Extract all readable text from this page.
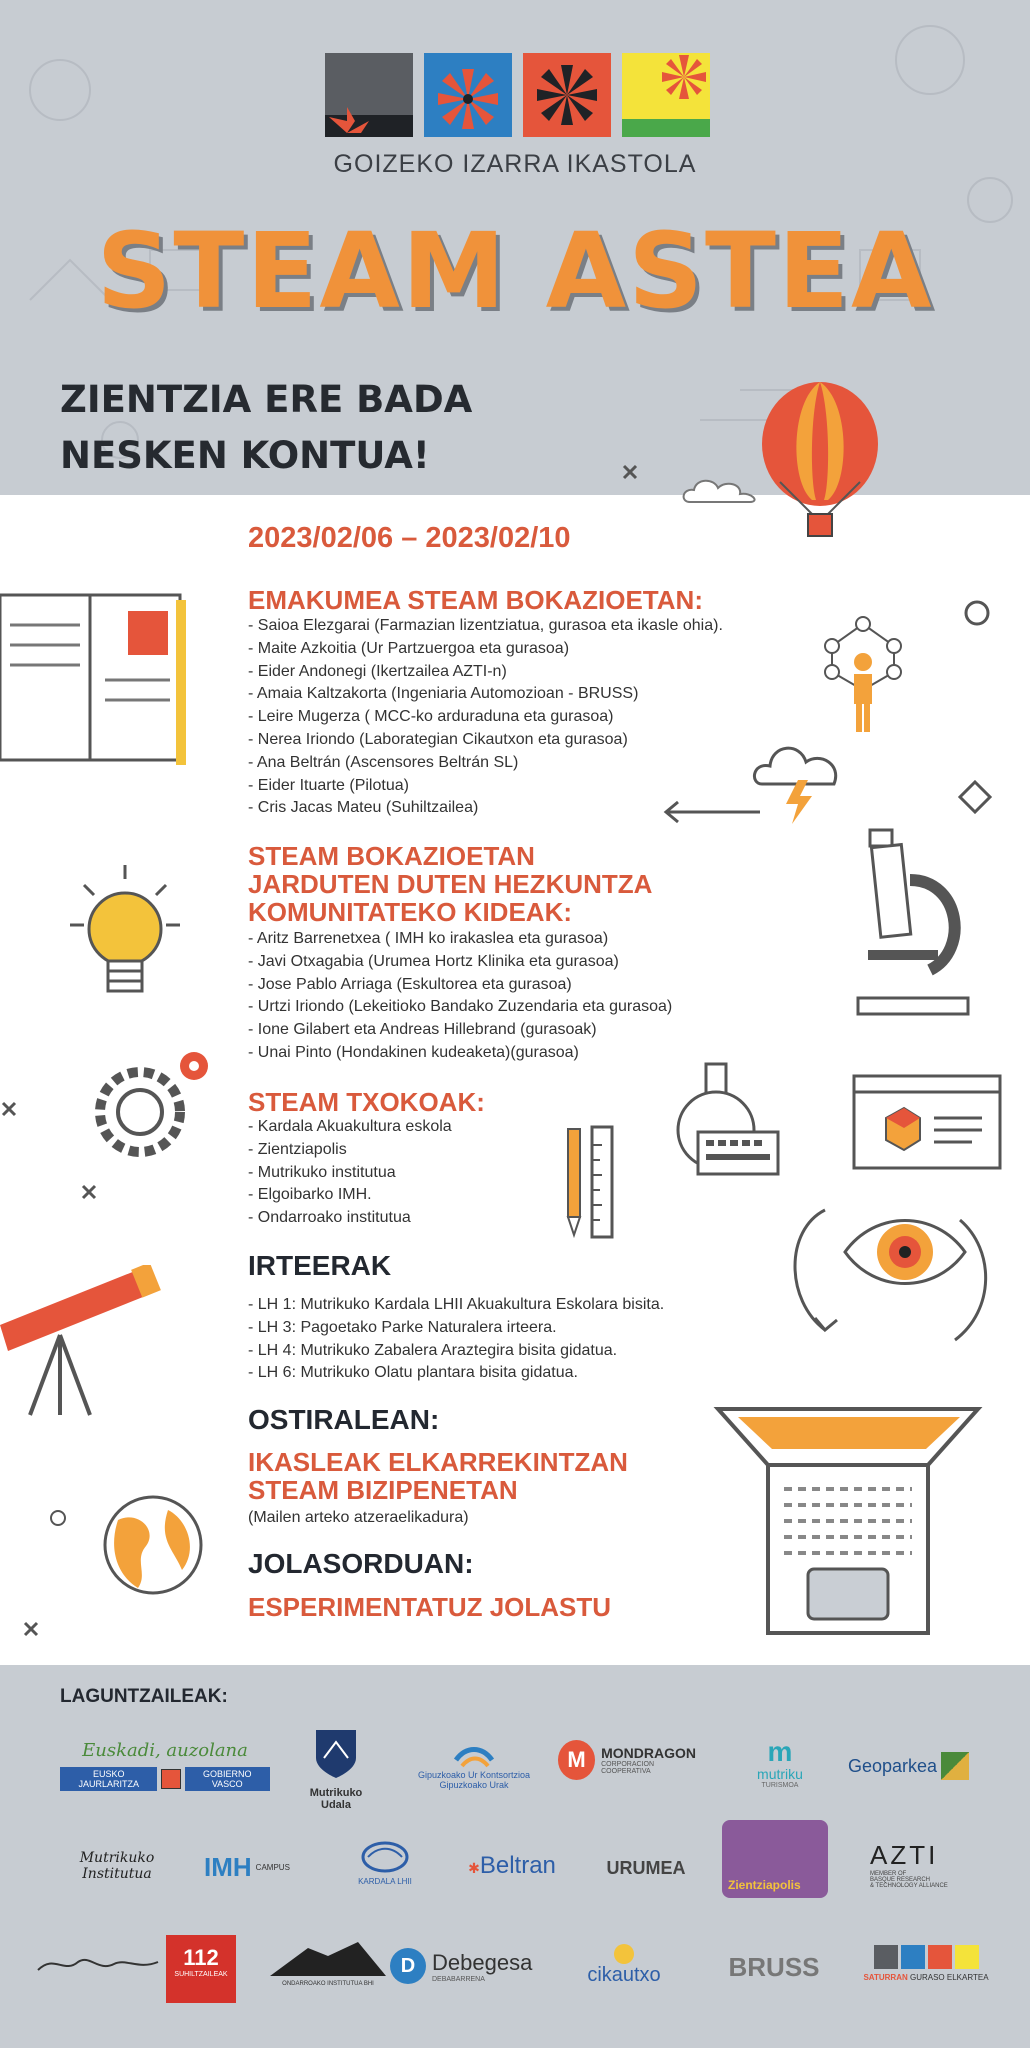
GOIZEKO IZARRA IKASTOLA
STEAM ASTEA
ZIENTZIA ERE BADA
NESKEN KONTUA!
2023/02/06 – 2023/02/10
EMAKUMEA STEAM BOKAZIOETAN:
- Saioa Elezgarai (Farmazian lizentziatua, gurasoa eta ikasle ohia).
- Maite Azkoitia (Ur Partzuergoa eta gurasoa)
- Eider Andonegi (Ikertzailea AZTI-n)
- Amaia Kaltzakorta (Ingeniaria Automozioan - BRUSS)
- Leire Mugerza ( MCC-ko arduraduna eta gurasoa)
- Nerea Iriondo (Laborategian Cikautxon eta gurasoa)
- Ana Beltrán (Ascensores Beltrán SL)
- Eider Ituarte (Pilotua)
- Cris Jacas Mateu (Suhiltzailea)
STEAM BOKAZIOETAN
JARDUTEN DUTEN HEZKUNTZA
KOMUNITATEKO KIDEAK:
- Aritz Barrenetxea ( IMH ko irakaslea eta gurasoa)
- Javi Otxagabia (Urumea Hortz Klinika eta gurasoa)
- Jose Pablo Arriaga (Eskultorea eta gurasoa)
- Urtzi Iriondo (Lekeitioko Bandako Zuzendaria eta gurasoa)
- Ione Gilabert eta Andreas Hillebrand (gurasoak)
- Unai Pinto (Hondakinen kudeaketa)(gurasoa)
STEAM TXOKOAK:
- Kardala Akuakultura eskola
- Zientziapolis
- Mutrikuko institutua
- Elgoibarko IMH.
- Ondarroako institutua
IRTEERAK
- LH 1: Mutrikuko Kardala LHII Akuakultura Eskolara bisita.
- LH 3: Pagoetako Parke Naturalera irteera.
- LH 4: Mutrikuko Zabalera Araztegira bisita gidatua.
- LH 6: Mutrikuko Olatu plantara bisita gidatua.
OSTIRALEAN:
IKASLEAK ELKARREKINTZAN
STEAM BIZIPENETAN
(Mailen arteko atzeraelikadura)
JOLASORDUAN:
ESPERIMENTATUZ JOLASTU
LAGUNTZAILEAK:
Euskadi, auzolana
EUSKO JAURLARITZA
GOBIERNO VASCO
Mutrikuko Udala
Gipuzkoako Ur Kontsortzioa
Gipuzkoako Urak
M	MONDRAGON
CORPORACION COOPERATIVA
m
mutriku
TURISMOA
Geoparkea
Mutrikuko Institutua	IMH CAMPUS
KARDALA LHII
✱Beltran	URUMEA
Zientziapolis
AZTI
MEMBER OF
BASQUE RESEARCH
& TECHNOLOGY ALLIANCE
112
SUHILTZAILEAK
ONDARROAKO INSTITUTUA BHI
D Debegesa
DEBABARRENA	cikautxo	BRUSS	SATURRAN GURASO ELKARTEA
